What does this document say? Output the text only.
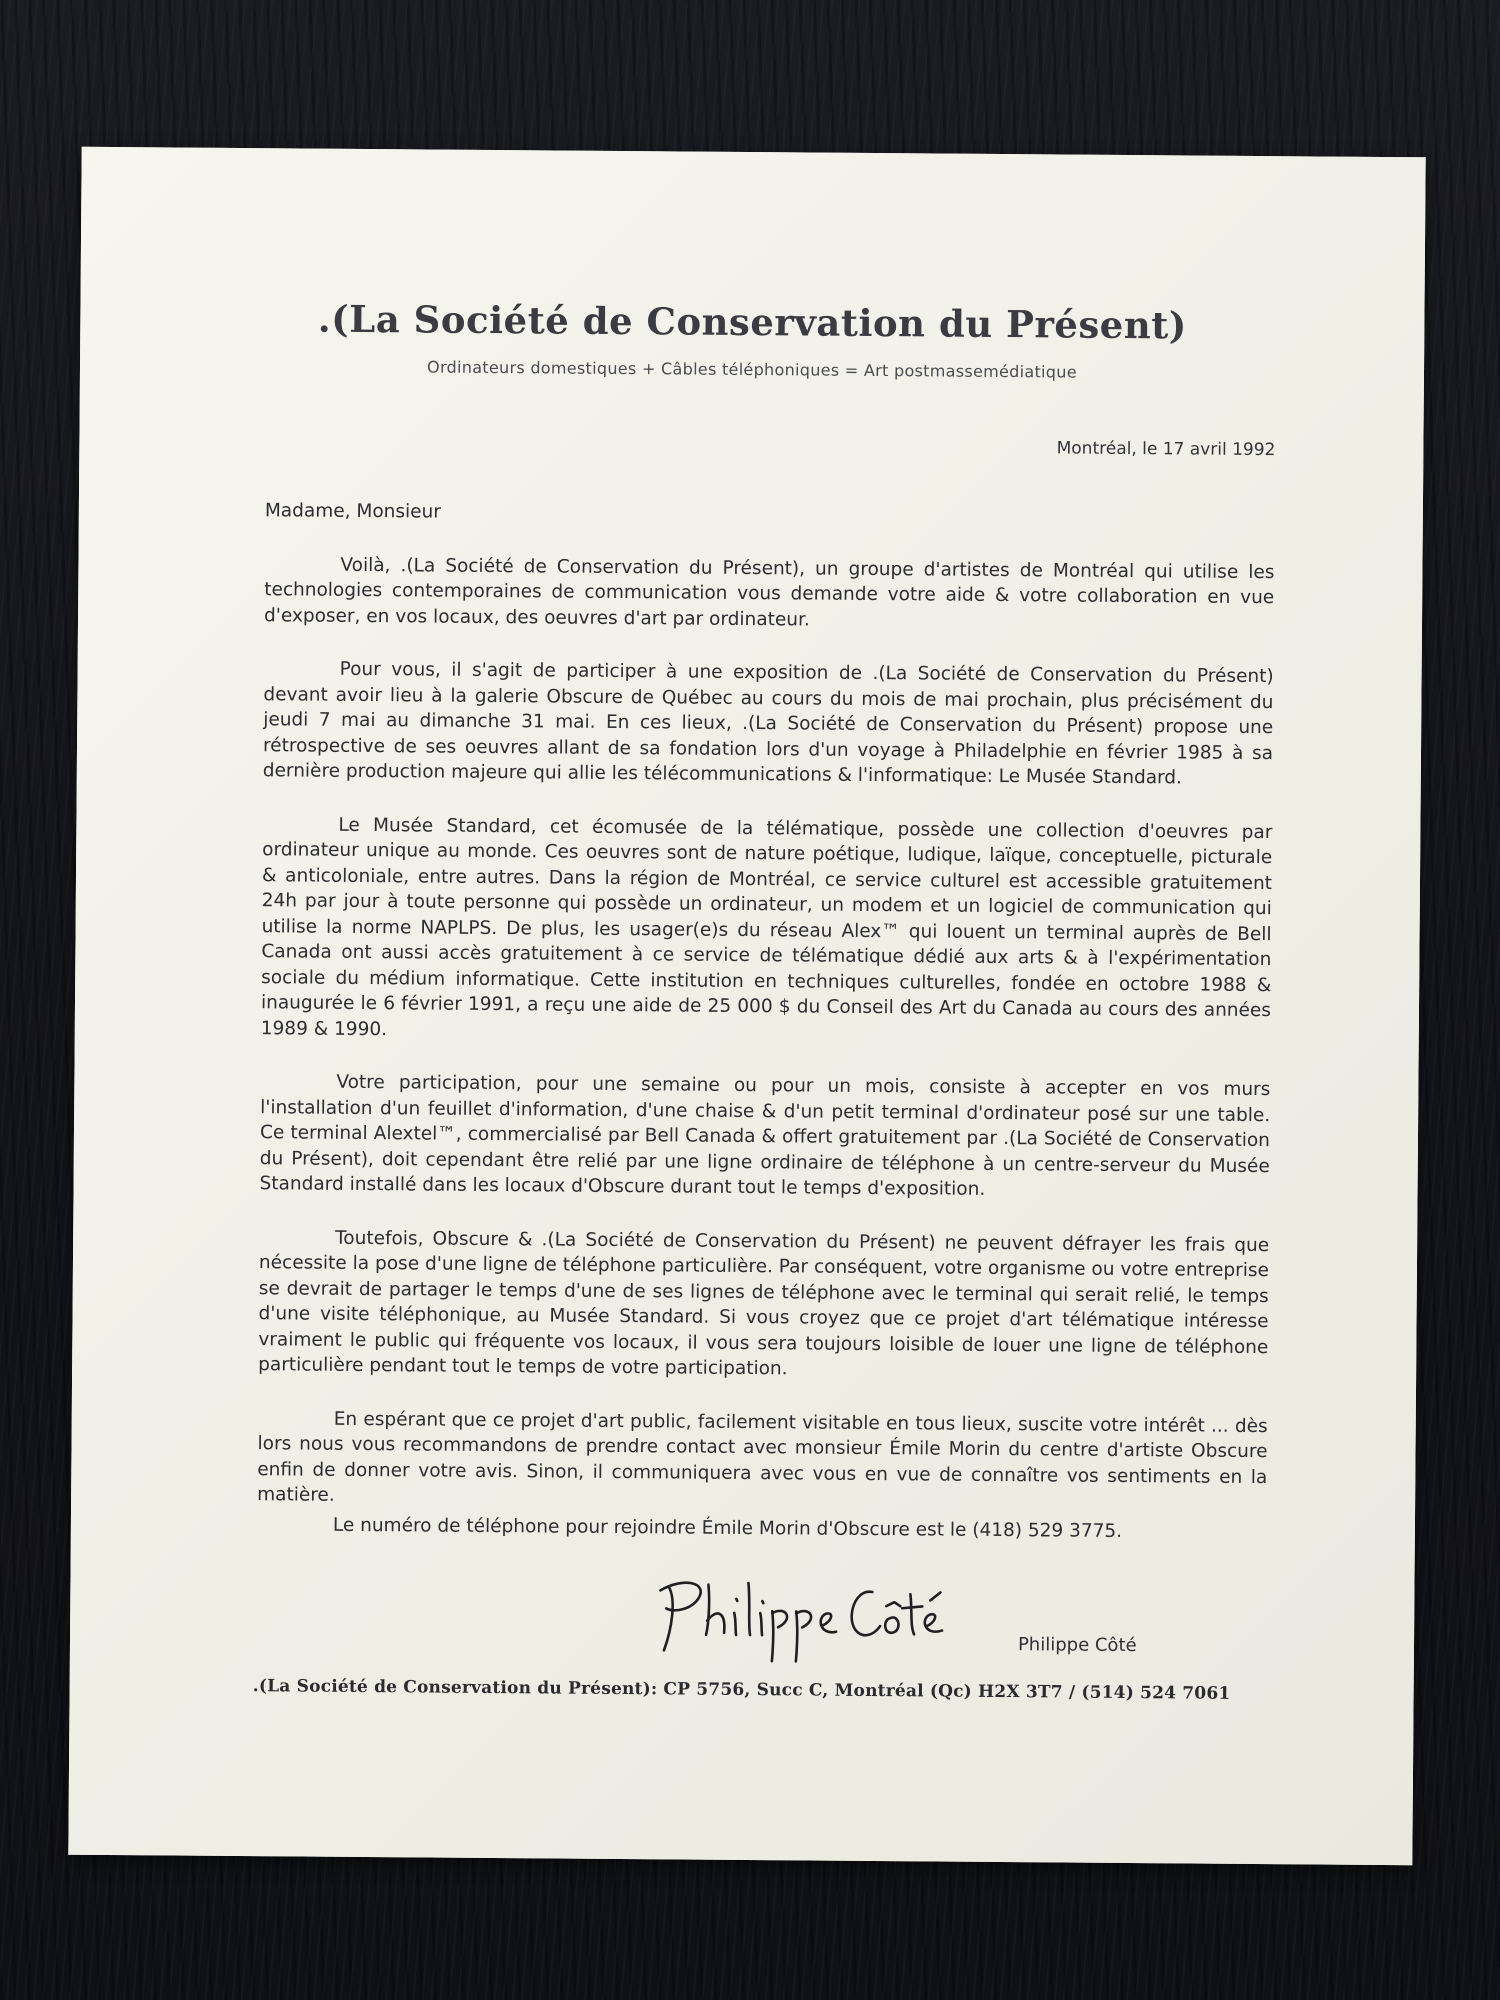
.(La Société de Conservation du Présent)
Ordinateurs domestiques + Câbles téléphoniques = Art postmassemédiatique
Montréal, le 17 avril 1992

Madame, Monsieur

Voilà, .(La Société de Conservation du Présent), un groupe d'artistes de Montréal qui utilise les technologies contemporaines de communication vous demande votre aide & votre collaboration en vue d'exposer, en vos locaux, des oeuvres d'art par ordinateur.

Pour vous, il s'agit de participer à une exposition de .(La Société de Conservation du Présent) devant avoir lieu à la galerie Obscure de Québec au cours du mois de mai prochain, plus précisément du jeudi 7 mai au dimanche 31 mai. En ces lieux, .(La Société de Conservation du Présent) propose une rétrospective de ses oeuvres allant de sa fondation lors d'un voyage à Philadelphie en février 1985 à sa dernière production majeure qui allie les télécommunications & l'informatique: Le Musée Standard.

Le Musée Standard, cet écomusée de la télématique, possède une collection d'oeuvres par ordinateur unique au monde. Ces oeuvres sont de nature poétique, ludique, laïque, conceptuelle, picturale & anticoloniale, entre autres. Dans la région de Montréal, ce service culturel est accessible gratuitement 24h par jour à toute personne qui possède un ordinateur, un modem et un logiciel de communication qui utilise la norme NAPLPS. De plus, les usager(e)s du réseau Alex™ qui louent un terminal auprès de Bell Canada ont aussi accès gratuitement à ce service de télématique dédié aux arts & à l'expérimentation sociale du médium informatique. Cette institution en techniques culturelles, fondée en octobre 1988 & inaugurée le 6 février 1991, a reçu une aide de 25 000 $ du Conseil des Art du Canada au cours des années 1989 & 1990.

Votre participation, pour une semaine ou pour un mois, consiste à accepter en vos murs l'installation d'un feuillet d'information, d'une chaise & d'un petit terminal d'ordinateur posé sur une table. Ce terminal Alextel™, commercialisé par Bell Canada & offert gratuitement par .(La Société de Conservation du Présent), doit cependant être relié par une ligne ordinaire de téléphone à un centre-serveur du Musée Standard installé dans les locaux d'Obscure durant tout le temps d'exposition.

Toutefois, Obscure & .(La Société de Conservation du Présent) ne peuvent défrayer les frais que nécessite la pose d'une ligne de téléphone particulière. Par conséquent, votre organisme ou votre entreprise se devrait de partager le temps d'une de ses lignes de téléphone avec le terminal qui serait relié, le temps d'une visite téléphonique, au Musée Standard. Si vous croyez que ce projet d'art télématique intéresse vraiment le public qui fréquente vos locaux, il vous sera toujours loisible de louer une ligne de téléphone particulière pendant tout le temps de votre participation.

En espérant que ce projet d'art public, facilement visitable en tous lieux, suscite votre intérêt ... dès lors nous vous recommandons de prendre contact avec monsieur Émile Morin du centre d'artiste Obscure enfin de donner votre avis. Sinon, il communiquera avec vous en vue de connaître vos sentiments en la matière.

Le numéro de téléphone pour rejoindre Émile Morin d'Obscure est le (418) 529 3775.

Philippe Côté
.(La Société de Conservation du Présent): CP 5756, Succ C, Montréal (Qc) H2X 3T7 / (514) 524 7061
